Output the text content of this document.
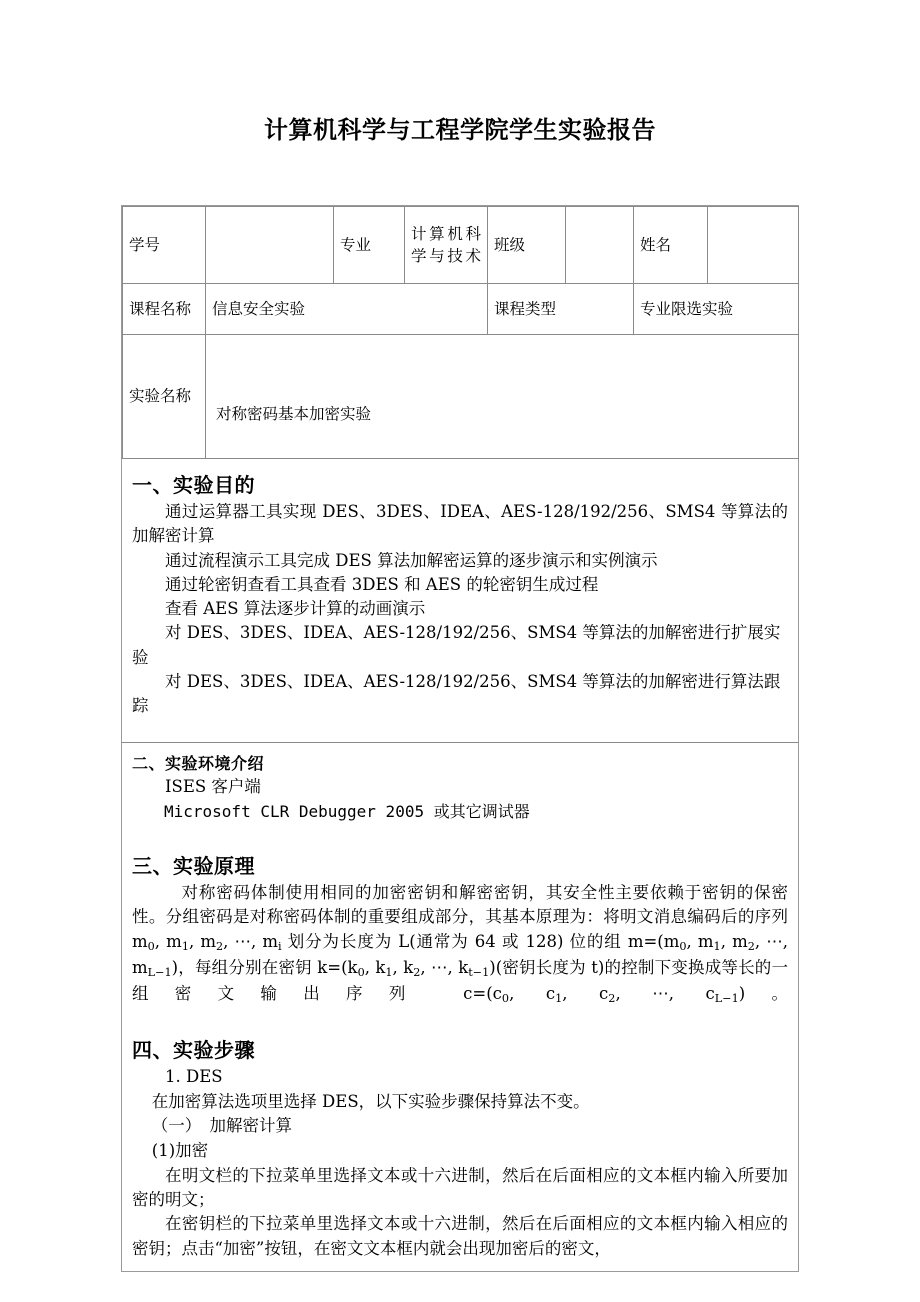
计算机科学与工程学院学生实验报告
学号		专业	计算机科学与技术	班级		姓名	
课程名称	信息安全实验			课程类型		专业限选实验	
实验名称	对称密码基本加密实验						
一、实验目的

通过运算器工具实现 DES、3DES、IDEA、AES-128/192/256、SMS4 等算法的加解密计算

通过流程演示工具完成 DES 算法加解密运算的逐步演示和实例演示

通过轮密钥查看工具查看 3DES 和 AES 的轮密钥生成过程

查看 AES 算法逐步计算的动画演示

对 DES、3DES、IDEA、AES-128/192/256、SMS4 等算法的加解密进行扩展实验

对 DES、3DES、IDEA、AES-128/192/256、SMS4 等算法的加解密进行算法跟踪

二、实验环境介绍

ISES 客户端

Microsoft CLR Debugger 2005 或其它调试器

三、实验原理

对称密码体制使用相同的加密密钥和解密密钥，其安全性主要依赖于密钥的保密性。分组密码是对称密码体制的重要组成部分，其基本原理为：将明文消息编码后的序列 $m_0$, $m_1$, $m_2$, ⋯, $m_i$ 划分为长度为 L(通常为 64 或 128) 位的组 $m=(m_0$, $m_1$, $m_2$, ⋯, $m_{L-1}$)，每组分别在密钥 $k=(k_0$, $k_1$, $k_2$, ⋯, $k_{t-1}$)(密钥长度为 t)的控制下变换成等长的一组密文输出序列 $c=(c_0$, $c_1$, $c_2$, ⋯, $c_{L-1}$)。

四、实验步骤

1. DES

在加密算法选项里选择 DES，以下实验步骤保持算法不变。

（一）　加解密计算

(1)加密

在明文栏的下拉菜单里选择文本或十六进制，然后在后面相应的文本框内输入所要加密的明文；

在密钥栏的下拉菜单里选择文本或十六进制，然后在后面相应的文本框内输入相应的密钥；点击“加密”按钮，在密文文本框内就会出现加密后的密文，
